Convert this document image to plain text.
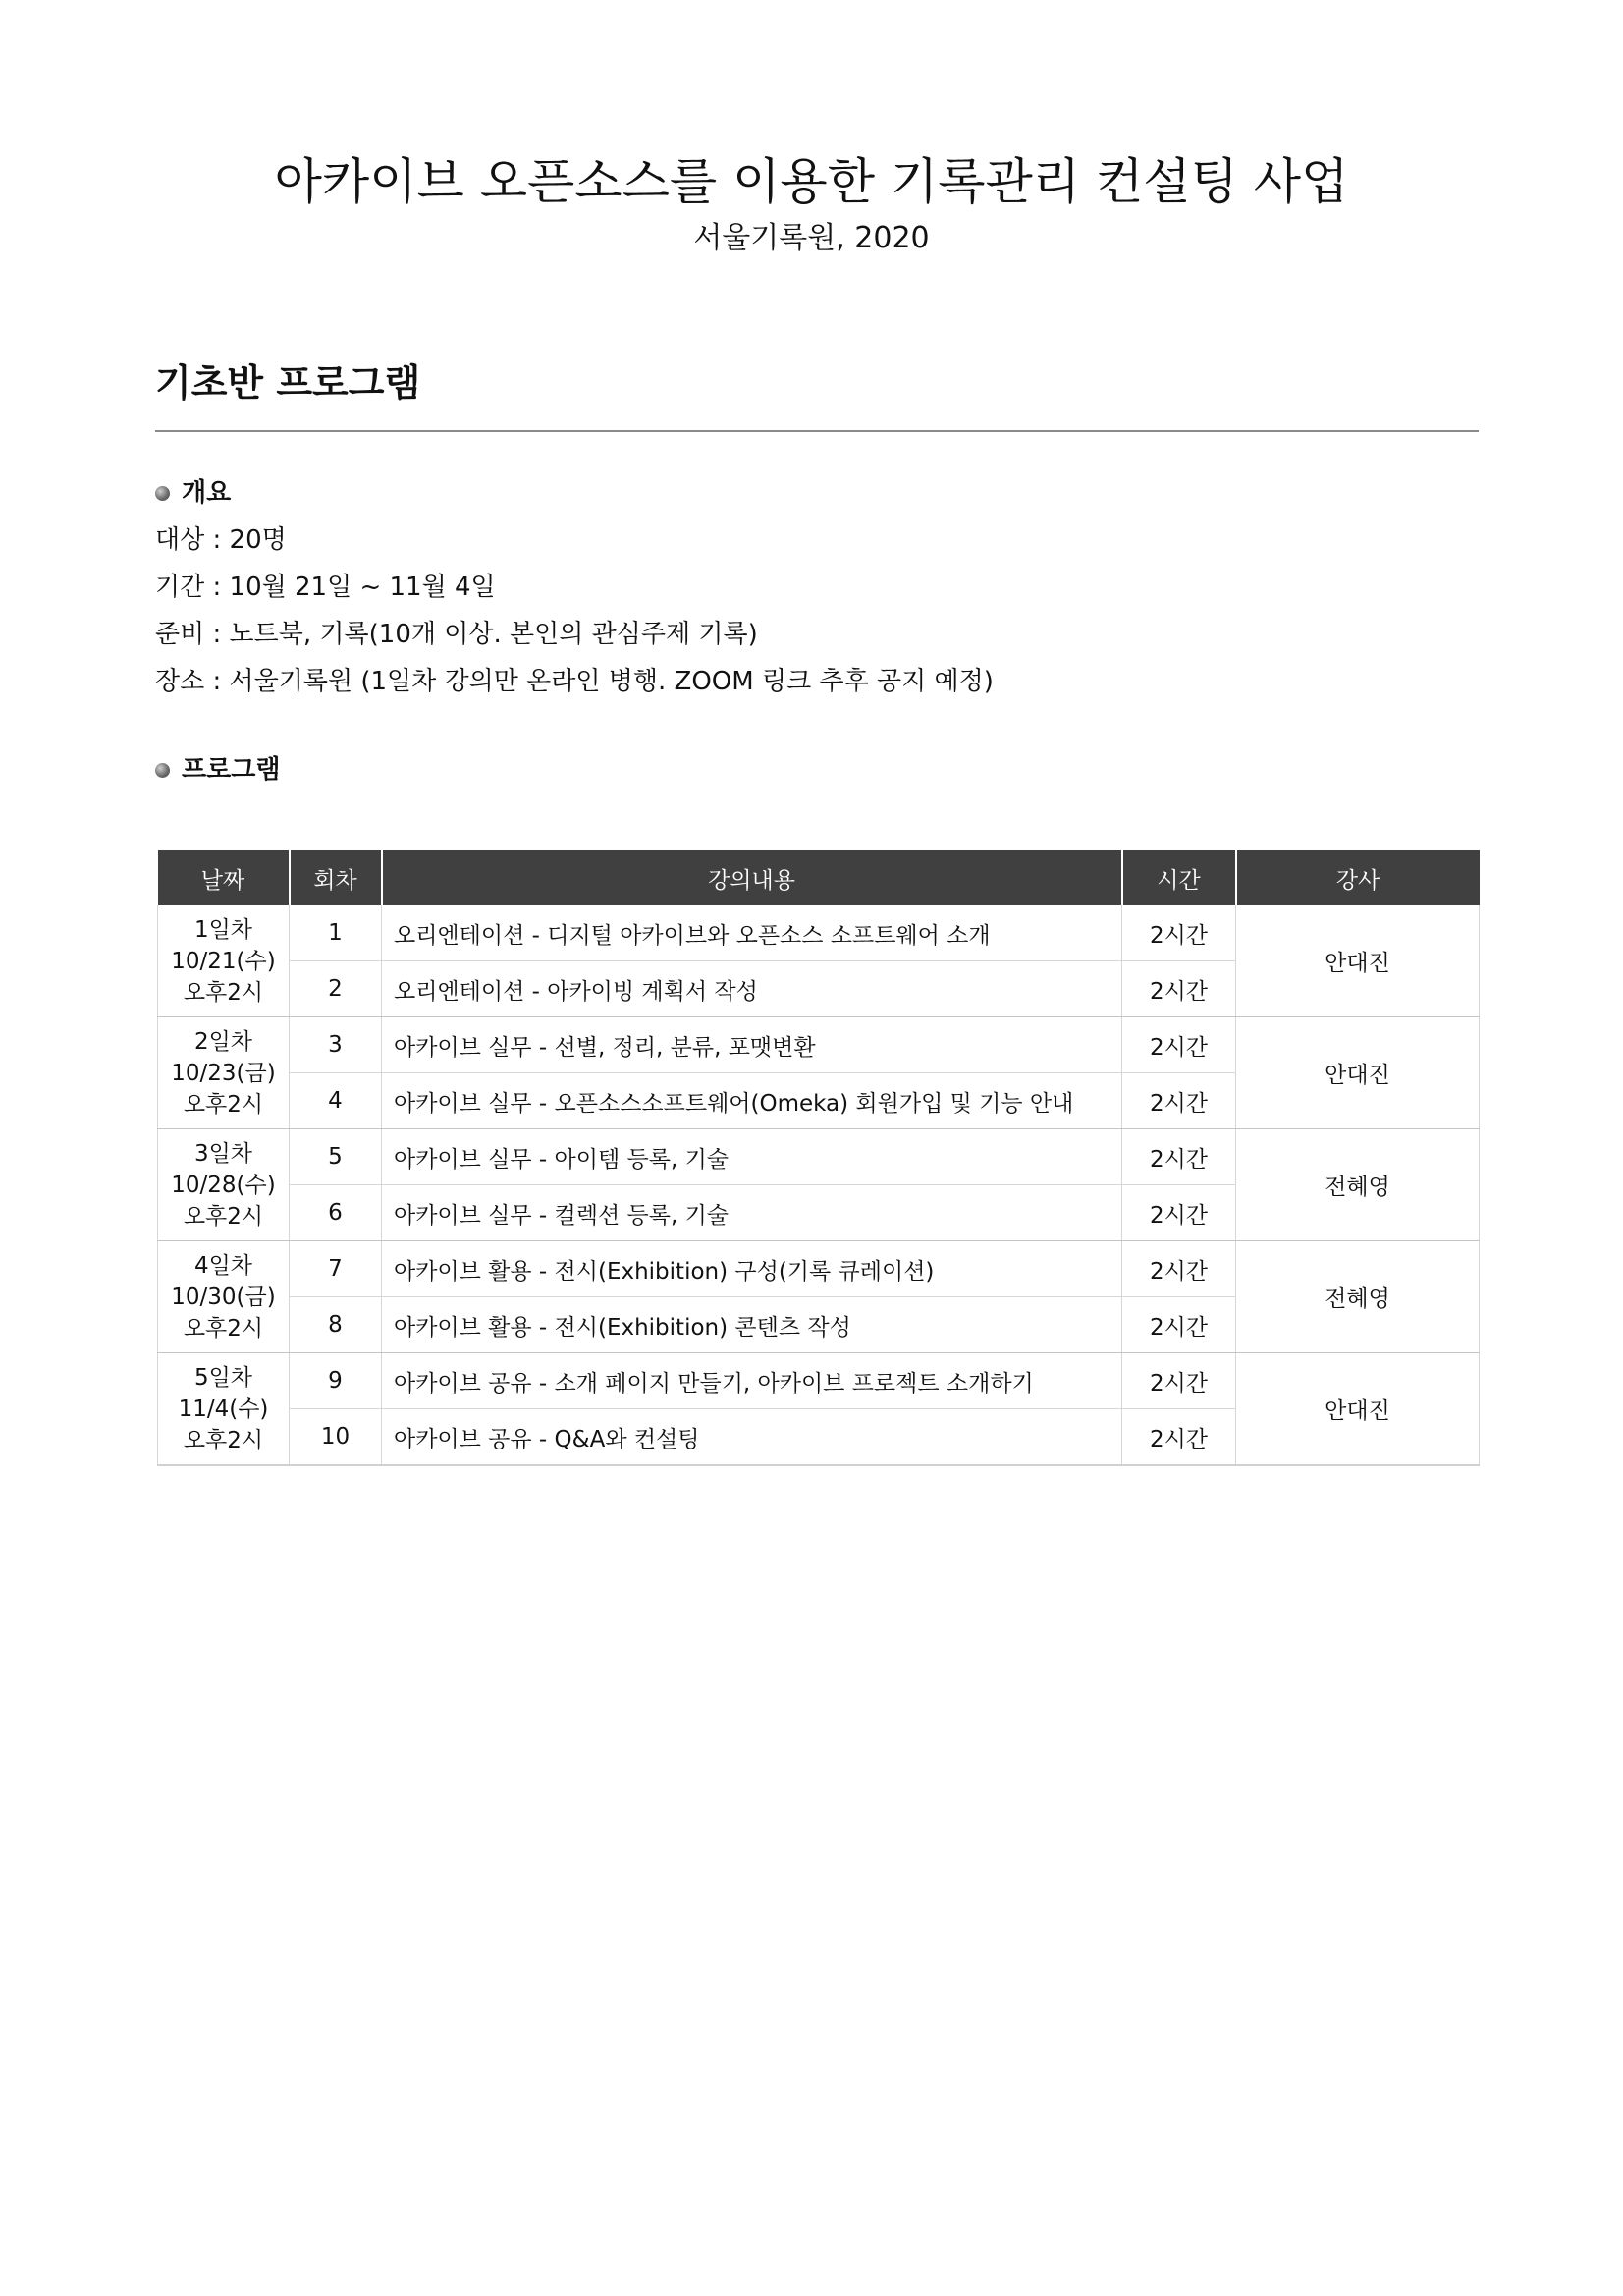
아카이브 오픈소스를 이용한 기록관리 컨설팅 사업
서울기록원, 2020
기초반 프로그램
개요
대상 : 20명
기간 : 10월 21일 ~ 11월 4일
준비 : 노트북, 기록(10개 이상. 본인의 관심주제 기록)
장소 : 서울기록원 (1일차 강의만 온라인 병행. ZOOM 링크 추후 공지 예정)
프로그램
날짜	회차	강의내용	시간	강사

1일차
10/21(수)
오후2시	1	오리엔테이션 - 디지털 아카이브와 오픈소스 소프트웨어 소개	2시간	안대진
	2	오리엔테이션 - 아카이빙 계획서 작성	2시간	

2일차
10/23(금)
오후2시	3	아카이브 실무 - 선별, 정리, 분류, 포맷변환	2시간	안대진
	4	아카이브 실무 - 오픈소스소프트웨어(Omeka) 회원가입 및 기능 안내	2시간	

3일차
10/28(수)
오후2시	5	아카이브 실무 - 아이템 등록, 기술	2시간	전혜영
	6	아카이브 실무 - 컬렉션 등록, 기술	2시간	

4일차
10/30(금)
오후2시	7	아카이브 활용 - 전시(Exhibition) 구성(기록 큐레이션)	2시간	전혜영
	8	아카이브 활용 - 전시(Exhibition) 콘텐츠 작성	2시간	

5일차
11/4(수)
오후2시	9	아카이브 공유 - 소개 페이지 만들기, 아카이브 프로젝트 소개하기	2시간	안대진
	10	아카이브 공유 - Q&A와 컨설팅	2시간	
